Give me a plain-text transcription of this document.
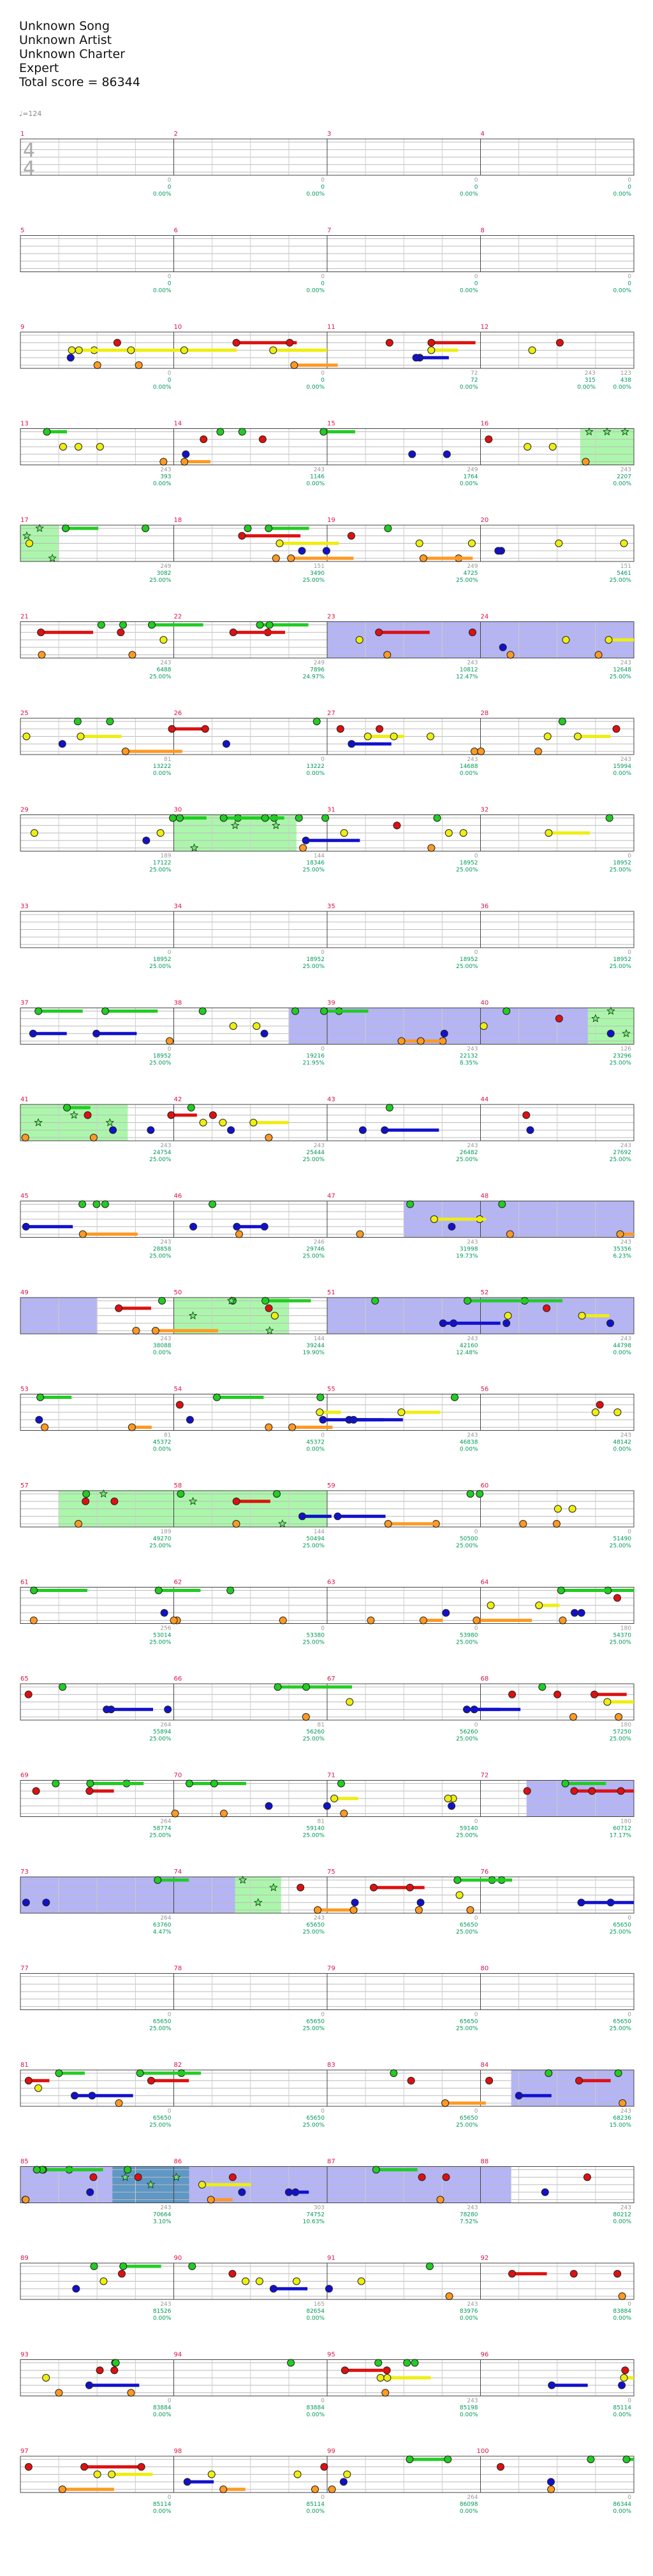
Unknown Song
Unknown Artist
Unknown Charter
Expert
Total score = 86344
♩=124
1	2	3	4
4
4
0
0
0.00%
0
0
0.00%
0
0
0.00%
0
0
0.00%
5	6	7	8
0
0
0.00%
0
0
0.00%
0
0
0.00%
0
0
0.00%
9	10	11	12
0
0
0.00%
0
0
0.00%
72
72
0.00%
243
315
0.00%
123
438
0.00%
13	14	15	16
243
393
0.00%
243
1146
0.00%
249
1764
0.00%
243
2207
0.00%
17	18	19	20
249
3082
25.00%
151
3490
25.00%
249
4725
25.00%
151
5461
25.00%
21	22	23	24
243
6488
25.00%
249
7896
24.97%
243
10812
12.47%
243
12648
25.00%
25	26	27	28
81
13222
0.00%
0
13222
0.00%
243
14688
0.00%
243
15994
0.00%
29	30	31	32
189
17122
25.00%
144
18346
25.00%
0
18952
25.00%
0
18952
25.00%
33	34	35	36
0
18952
25.00%
0
18952
25.00%
0
18952
25.00%
0
18952
25.00%
37	38	39	40
0
18952
25.00%
0
19216
21.95%
243
22132
8.35%
126
23296
25.00%
41	42	43	44
243
24754
25.00%
243
25444
25.00%
243
26482
25.00%
243
27692
25.00%
45	46	47	48
243
28858
25.00%
246
29746
25.00%
243
31998
19.73%
243
35356
6.23%
49	50	51	52
243
38088
0.00%
144
39244
19.90%
243
42160
12.48%
243
44798
0.00%
53	54	55	56
81
45372
0.00%
0
45372
0.00%
243
46838
0.00%
243
48142
0.00%
57	58	59	60
189
49270
25.00%
144
50494
25.00%
0
50500
25.00%
0
51490
25.00%
61	62	63	64
256
53014
25.00%
0
53380
25.00%
0
53980
25.00%
180
54370
25.00%
65	66	67	68
264
55894
25.00%
81
56260
25.00%
0
56260
25.00%
180
57250
25.00%
69	70	71	72
264
58774
25.00%
81
59140
25.00%
0
59140
25.00%
180
60712
17.17%
73	74	75	76
264
63760
4.47%
243
65650
25.00%
0
65650
25.00%
0
65650
25.00%
77	78	79	80
0
65650
25.00%
0
65650
25.00%
0
65650
25.00%
0
65650
25.00%
81	82	83	84
0
65650
25.00%
0
65650
25.00%
0
65650
25.00%
243
68236
15.00%
85	86	87	88
243
70664
3.10%
303
74752
10.63%
243
78280
7.52%
243
80212
0.00%
89	90	91	92
243
81526
0.00%
165
82654
0.00%
243
83976
0.00%
0
83884
0.00%
93	94	95	96
0
83884
0.00%
0
83884
0.00%
243
85198
0.00%
0
85114
0.00%
97	98	99	100
0
85114
0.00%
0
85114
0.00%
264
86098
0.00%
0
86344
0.00%
